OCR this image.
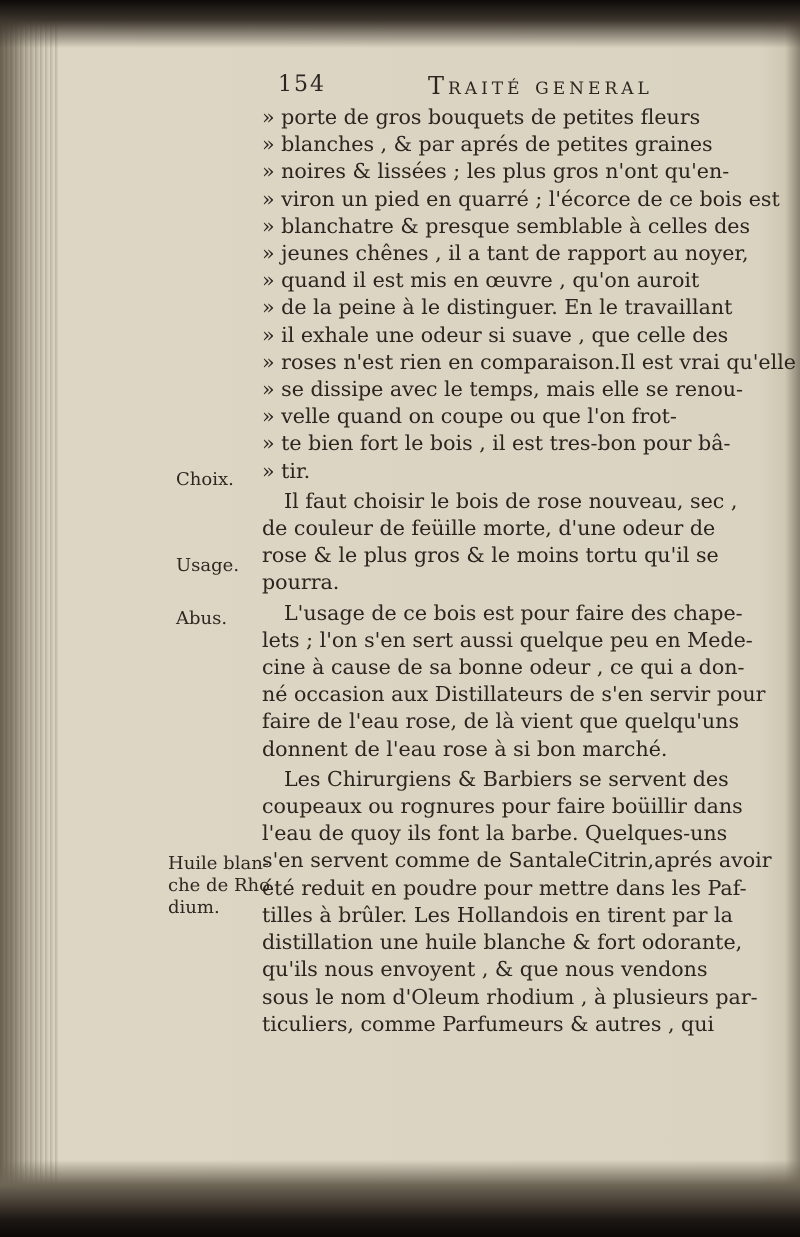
154	Traité general
Choix.
Usage.
Abus.
Huile blan-
che de Rho
dium.
» porte de gros bouquets de petites fleurs
» blanches , & par aprés de petites graines
» noires & lissées ; les plus gros n'ont qu'en-
» viron un pied en quarré ; l'écorce de ce bois est
» blanchatre & presque semblable à celles des
» jeunes chênes , il a tant de rapport au noyer,
» quand il est mis en œuvre , qu'on auroit
» de la peine à le distinguer. En le travaillant
» il exhale une odeur si suave , que celle des
» roses n'est rien en comparaison.Il est vrai qu'elle
» se dissipe avec le temps, mais elle se renou-
» velle quand on coupe ou que l'on frot-
» te bien fort le bois , il est tres-bon pour bâ-
» tir.
Il faut choisir le bois de rose nouveau, sec ,
de couleur de feüille morte, d'une odeur de
rose & le plus gros & le moins tortu qu'il se
pourra.
L'usage de ce bois est pour faire des chape-
lets ; l'on s'en sert aussi quelque peu en Mede-
cine à cause de sa bonne odeur , ce qui a don-
né occasion aux Distillateurs de s'en servir pour
faire de l'eau rose, de là vient que quelqu'uns
donnent de l'eau rose à si bon marché.
Les Chirurgiens & Barbiers se servent des
coupeaux ou rognures pour faire boüillir dans
l'eau de quoy ils font la barbe. Quelques-uns
s'en servent comme de SantaleCitrin,aprés avoir
été reduit en poudre pour mettre dans les Paf-
tilles à brûler. Les Hollandois en tirent par la
distillation une huile blanche & fort odorante,
qu'ils nous envoyent , & que nous vendons
sous le nom d'Oleum rhodium , à plusieurs par-
ticuliers, comme Parfumeurs & autres , qui
